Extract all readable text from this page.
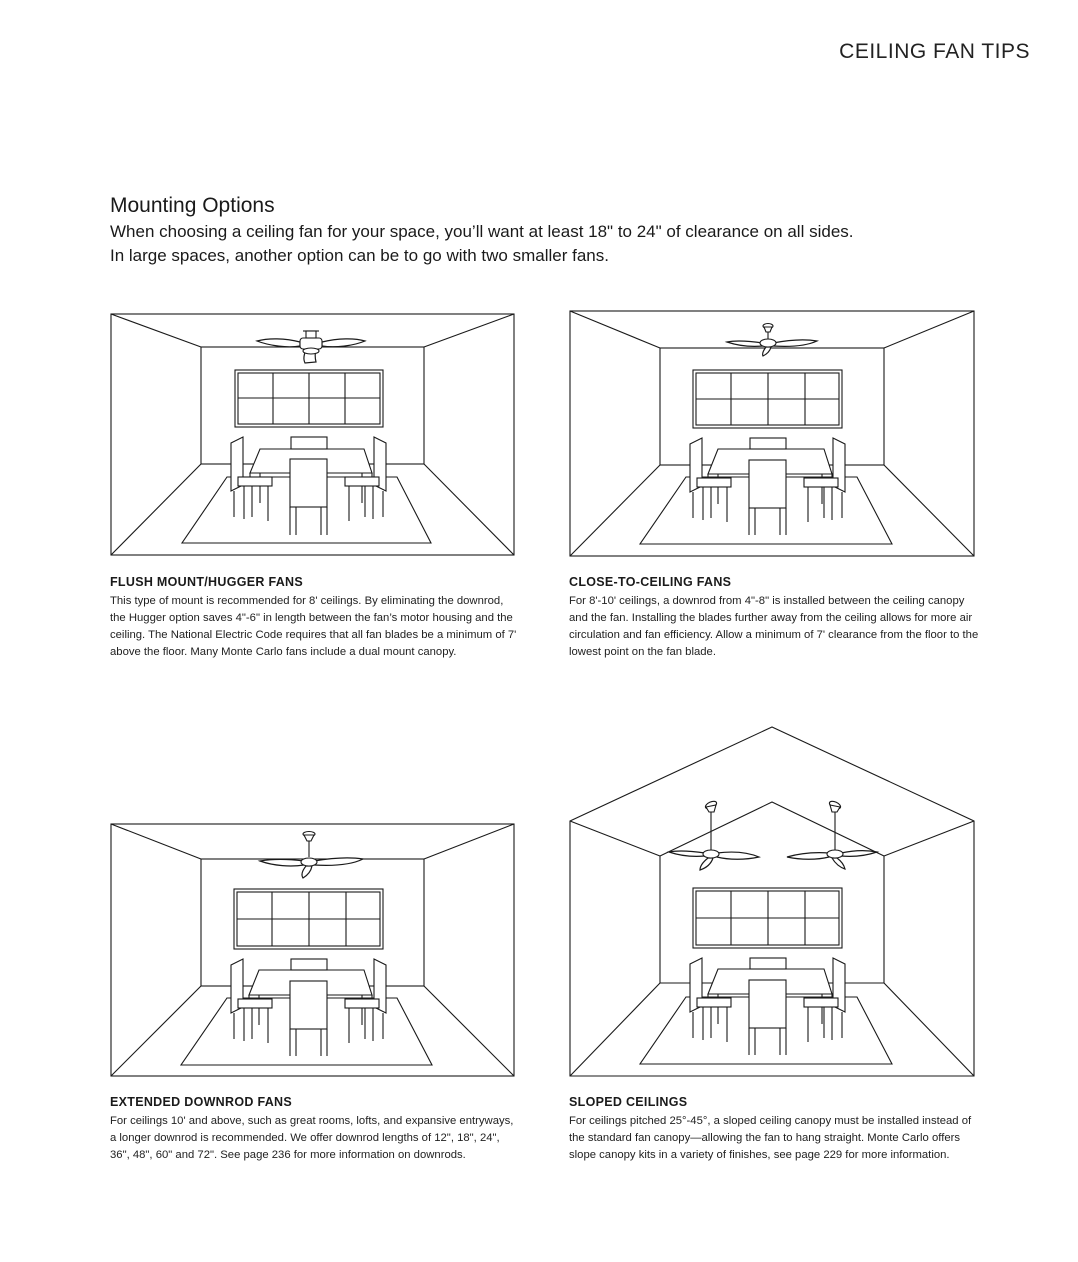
CEILING FAN TIPS
Mounting Options

When choosing a ceiling fan for your space, you’ll want at least 18" to 24" of clearance on all sides.

In large spaces, another option can be to go with two smaller fans.

FLUSH MOUNT/HUGGER FANS

This type of mount is recommended for 8' ceilings. By eliminating the downrod, the Hugger option saves 4"-6" in length between the fan’s motor housing and the ceiling. The National Electric Code requires that all fan blades be a minimum of 7' above the floor. Many Monte Carlo fans include a dual mount canopy.

CLOSE-TO-CEILING FANS

For 8'-10' ceilings, a downrod from 4"-8" is installed between the ceiling canopy and the fan. Installing the blades further away from the ceiling allows for more air circulation and fan efficiency. Allow a minimum of 7' clearance from the floor to the lowest point on the fan blade.

EXTENDED DOWNROD FANS

For ceilings 10' and above, such as great rooms, lofts, and expansive entryways, a longer downrod is recommended. We offer downrod lengths of 12", 18", 24", 36", 48", 60" and 72". See page 236 for more information on downrods.

SLOPED CEILINGS

For ceilings pitched 25°-45°, a sloped ceiling canopy must be installed instead of the standard fan canopy—allowing the fan to hang straight. Monte Carlo offers slope canopy kits in a variety of finishes, see page 229 for more information.
